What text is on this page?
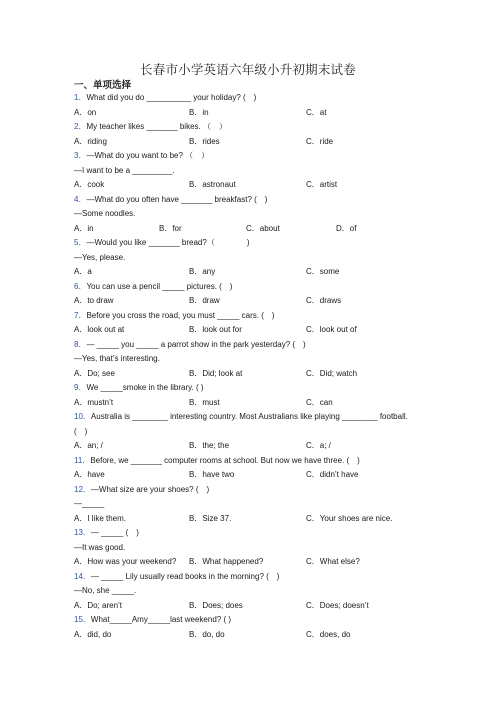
长春市小学英语六年级小升初期末试卷
一、单项选择
1．What did you do __________ your holiday? (　)
A．on	B．in	C．at
2．My teacher likes _______ bikes. （　）
A．riding	B．rides	C．ride
3．—What do you want to be? （　）
—I want to be a _________.
A．cook	B．astronaut	C．artist
4．—What do you often have _______ breakfast? (　)
—Some noodles.
A．in	B．for	C．about	D．of
5．—Would you like _______ bread?（　　　　)
—Yes, please.
A．a	B．any	C．some
6．You can use a pencil _____ pictures. (　)
A．to draw	B．draw	C．draws
7．Before you cross the road, you must _____ cars. (　)
A．look out at	B．look out for	C．look out of
8．— _____ you _____ a parrot show in the park yesterday? (　)
—Yes, that’s interesting.
A．Do; see	B．Did; look at	C．Did; watch
9．We _____smoke in the library. ( )
A．mustn’t	B．must	C．can
10．Australia is ________ interesting country. Most Australians like playing ________ football.
(　)
A．an; /	B．the; the	C．a; /
11．Before, we _______ computer rooms at school. But now we have three. (　)
A．have	B．have two	C．didn’t have
12．—What size are your shoes? (　)
—_____
A．I like them.	B．Size 37.	C．Your shoes are nice.
13．— _____ (　)
—It was good.
A．How was your weekend? B．What happened?	C．What else?
14．— _____ Lily usually read books in the morning? (　)
—No, she _____.
A．Do; aren’t	B．Does; does	C．Does; doesn’t
15．What_____Amy_____last weekend? ( )
A．did, do	B．do, do	C．does, do
